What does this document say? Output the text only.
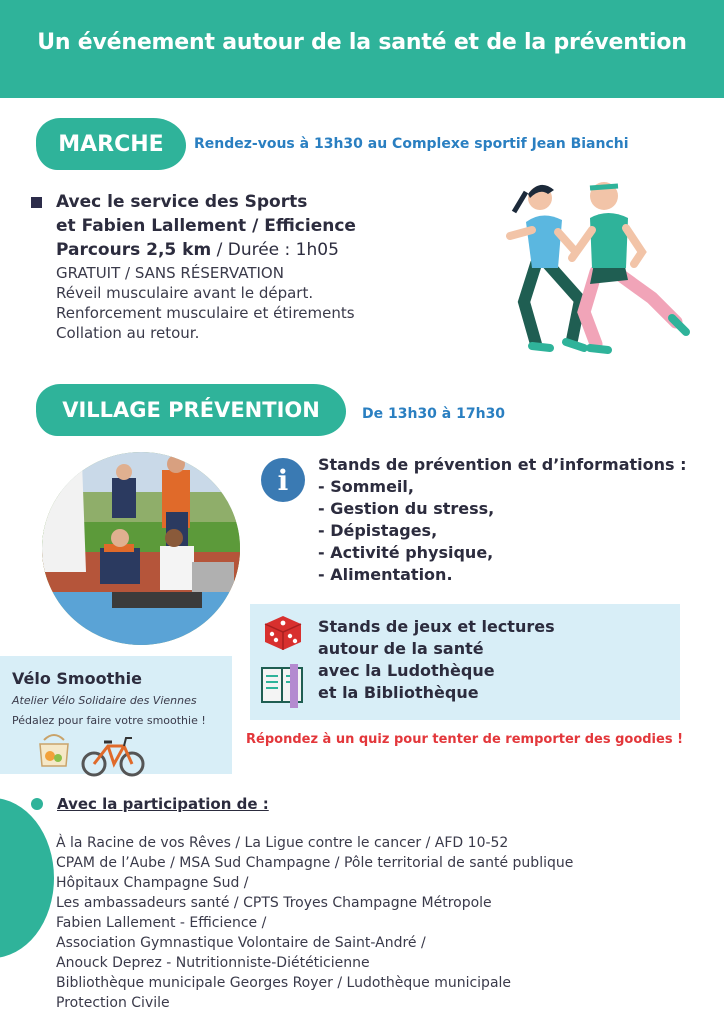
Un événement autour de la santé et de la prévention
MARCHE Rendez-vous à 13h30 au Complexe sportif Jean Bianchi
Avec le service des Sports
et Fabien Lallement / Efficience
Parcours 2,5 km / Durée : 1h05
GRATUIT / SANS RÉSERVATION
Réveil musculaire avant le départ.
Renforcement musculaire et étirements
Collation au retour.
VILLAGE PRÉVENTION	De 13h30 à 17h30
i	Stands de prévention et d’informations :
- Sommeil,
- Gestion du stress,
- Dépistages,
- Activité physique,
- Alimentation.
Stands de jeux et lectures
autour de la santé
avec la Ludothèque
et la Bibliothèque
Vélo Smoothie
Atelier Vélo Solidaire des Viennes
Pédalez pour faire votre smoothie !
Répondez à un quiz pour tenter de remporter des goodies !
Avec la participation de :
À la Racine de vos Rêves / La Ligue contre le cancer / AFD 10-52
CPAM de l’Aube / MSA Sud Champagne / Pôle territorial de santé publique
Hôpitaux Champagne Sud /
Les ambassadeurs santé / CPTS Troyes Champagne Métropole
Fabien Lallement - Efficience /
Association Gymnastique Volontaire de Saint-André /
Anouck Deprez - Nutritionniste-Diététicienne
Bibliothèque municipale Georges Royer / Ludothèque municipale
Protection Civile
